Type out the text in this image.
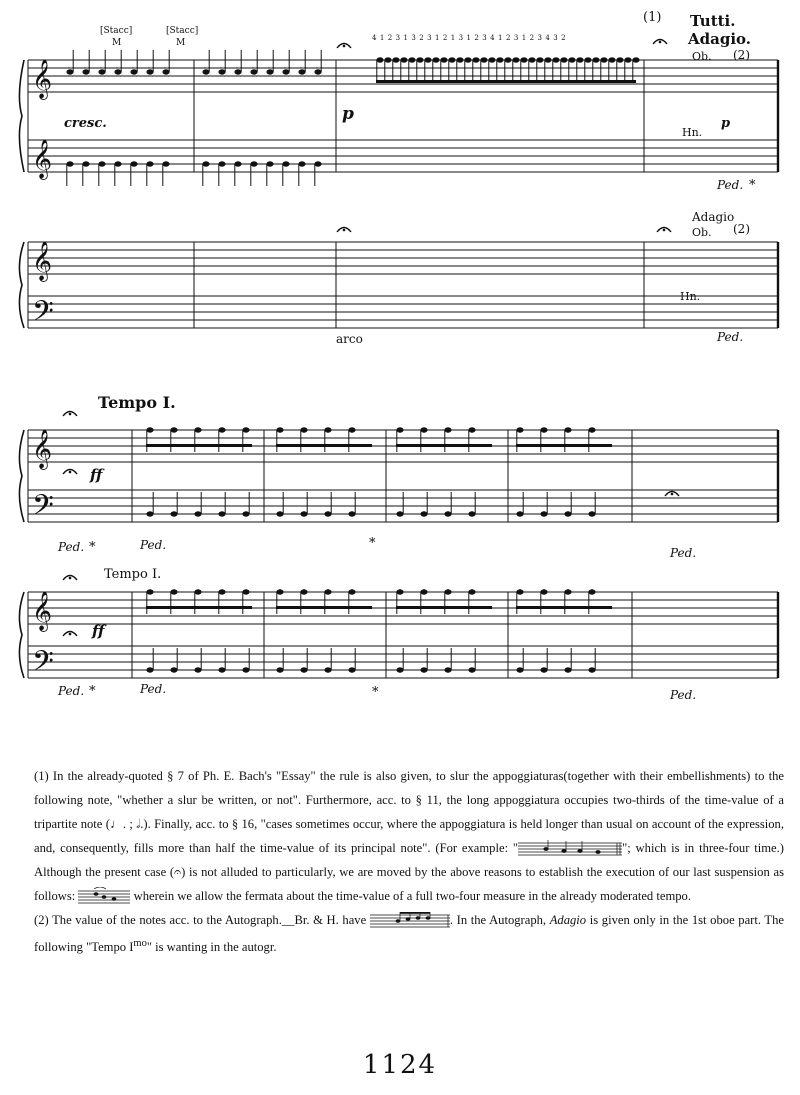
𝄞
𝄞
𝄞
𝄢
𝄞
𝄢
𝄞
𝄢
[Stacc]
M
[Stacc]
M
cresc.	p
4 1 2 3 1 3 2 3 1 2 1 3 1 2 3 4 1 2 3 1 2 3 4 3 2
(1) Tutti.
Adagio.
Ob. (2)
Hn.
p
Ped. *
Adagio
Ob. (2)
Hn.
arco	Ped.
Tempo I.
ff
Ped. *	Ped.	*
Ped.
Tempo I.
ff
Ped. *	Ped.	*	Ped.

(1) In the already-quoted § 7 of Ph. E. Bach's "Essay" the rule is also given, to slur the appoggiaturas(together with their embellishments) to the following note, "whether a slur be written, or not". Furthermore, acc. to § 11, the long appoggiatura occupies two-thirds of the time-value of a tripartite note (♩. ; 𝅗𝅥.). Finally, acc. to § 16, "cases sometimes occur, where the appoggiatura is held longer than usual on account of the expression, and, consequently, fills more than half the time-value of its principal note". (For example: "	"; which is in three-four time.) Although the present case (𝄐) is not alluded to particularly, we are moved by the above reasons to establish the execution of our last suspension as follows:	wherein we allow the fermata about the time-value of a full two-four measure in the already moderated tempo.

(2) The value of the notes acc. to the Autograph.__Br. & H. have	. In the Autograph, Adagio is given only in the 1st oboe part. The following "Tempo $I^{mo}$" is wanting in the autogr.

1124
